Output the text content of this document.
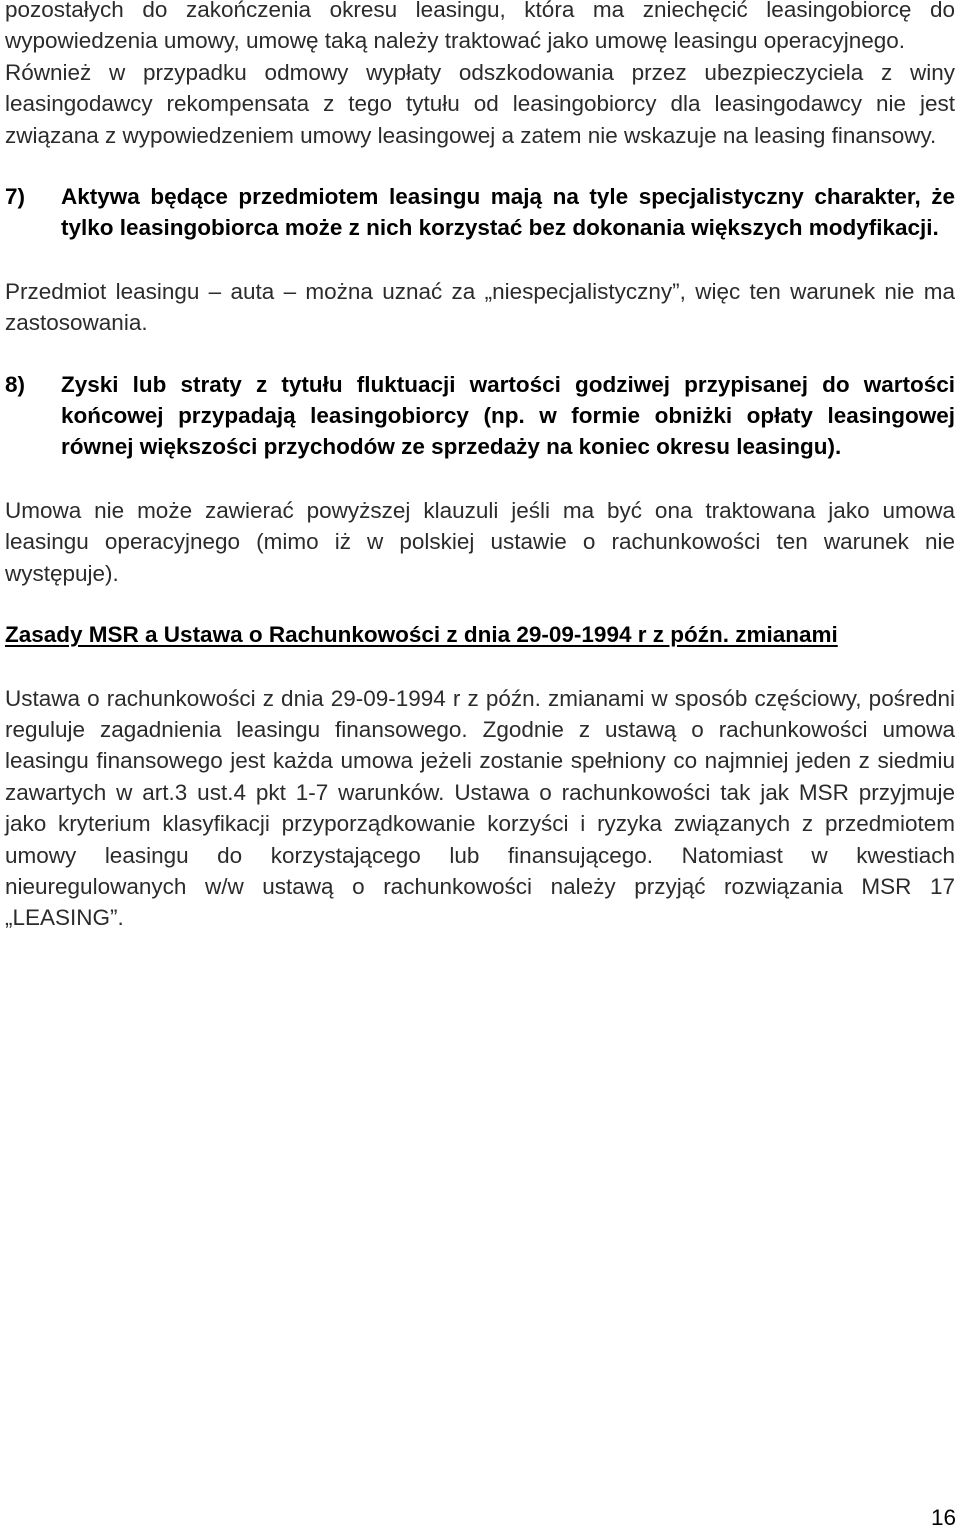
pozostałych do zakończenia okresu leasingu, która ma zniechęcić leasingobiorcę do wypowiedzenia umowy, umowę taką należy traktować jako umowę leasingu operacyjnego.

Również w przypadku odmowy wypłaty odszkodowania przez ubezpieczyciela z winy leasingodawcy rekompensata z tego tytułu od leasingobiorcy dla leasingodawcy nie jest związana z wypowiedzeniem umowy leasingowej a zatem nie wskazuje na leasing finansowy.

7)	Aktywa będące przedmiotem leasingu mają na tyle specjalistyczny charakter, że tylko leasingobiorca może z nich korzystać bez dokonania większych modyfikacji.

Przedmiot leasingu – auta – można uznać za „niespecjalistyczny”, więc ten warunek nie ma zastosowania.

8)	Zyski lub straty z tytułu fluktuacji wartości godziwej przypisanej do wartości końcowej przypadają leasingobiorcy (np. w formie obniżki opłaty leasingowej równej większości przychodów ze sprzedaży na koniec okresu leasingu).

Umowa nie może zawierać powyższej klauzuli jeśli ma być ona traktowana jako umowa leasingu operacyjnego (mimo iż w polskiej ustawie o rachunkowości ten warunek nie występuje).

Zasady MSR a Ustawa o Rachunkowości z dnia 29-09-1994 r z późn. zmianami

Ustawa o rachunkowości z dnia 29-09-1994 r z późn. zmianami w sposób częściowy, pośredni reguluje zagadnienia leasingu finansowego. Zgodnie z ustawą o rachunkowości umowa leasingu finansowego jest każda umowa jeżeli zostanie spełniony co najmniej jeden z siedmiu zawartych w art.3 ust.4 pkt 1-7 warunków. Ustawa o rachunkowości tak jak MSR przyjmuje jako kryterium klasyfikacji przyporządkowanie korzyści i ryzyka związanych z przedmiotem umowy leasingu do korzystającego lub finansującego. Natomiast w kwestiach nieuregulowanych w/w ustawą o rachunkowości należy przyjąć rozwiązania MSR 17 „LEASING”.

16
